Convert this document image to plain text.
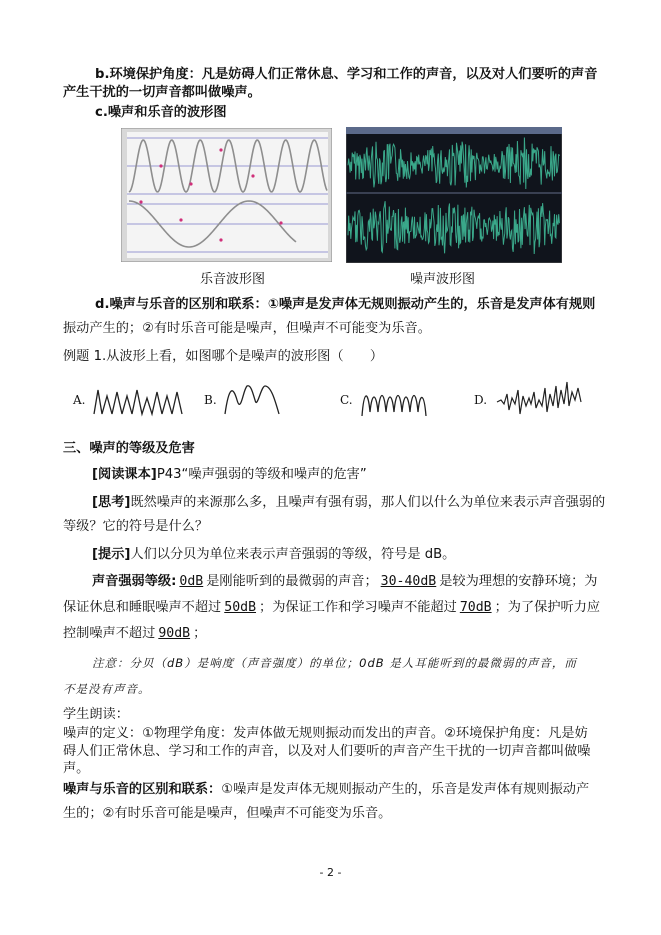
b.环境保护角度：凡是妨碍人们正常休息、学习和工作的声音，以及对人们要听的声音
产生干扰的一切声音都叫做噪声。
c.噪声和乐音的波形图
乐音波形图	噪声波形图
d.噪声与乐音的区别和联系：①噪声是发声体无规则振动产生的，乐音是发声体有规则
振动产生的；②有时乐音可能是噪声，但噪声不可能变为乐音。
例题 1.从波形上看，如图哪个是噪声的波形图（　　）
A.	B.	C.	D.
三、噪声的等级及危害
[阅读课本]P43“噪声强弱的等级和噪声的危害”
[思考]既然噪声的来源那么多，且噪声有强有弱，那人们以什么为单位来表示声音强弱的
等级？它的符号是什么？
[提示]人们以分贝为单位来表示声音强弱的等级，符号是 dB。
声音强弱等级: 0dB 是刚能听到的最微弱的声音； 30-40dB 是较为理想的安静环境；为
保证休息和睡眠噪声不超过 50dB ；为保证工作和学习噪声不能超过 70dB ；为了保护听力应
控制噪声不超过 90dB ；
注意：分贝（dB）是响度（声音强度）的单位；0dB 是人耳能听到的最微弱的声音，而
不是没有声音。
学生朗读：
噪声的定义：①物理学角度：发声体做无规则振动而发出的声音。②环境保护角度：凡是妨
碍人们正常休息、学习和工作的声音，以及对人们要听的声音产生干扰的一切声音都叫做噪
声。
噪声与乐音的区别和联系：①噪声是发声体无规则振动产生的，乐音是发声体有规则振动产
生的；②有时乐音可能是噪声，但噪声不可能变为乐音。
- 2 -
